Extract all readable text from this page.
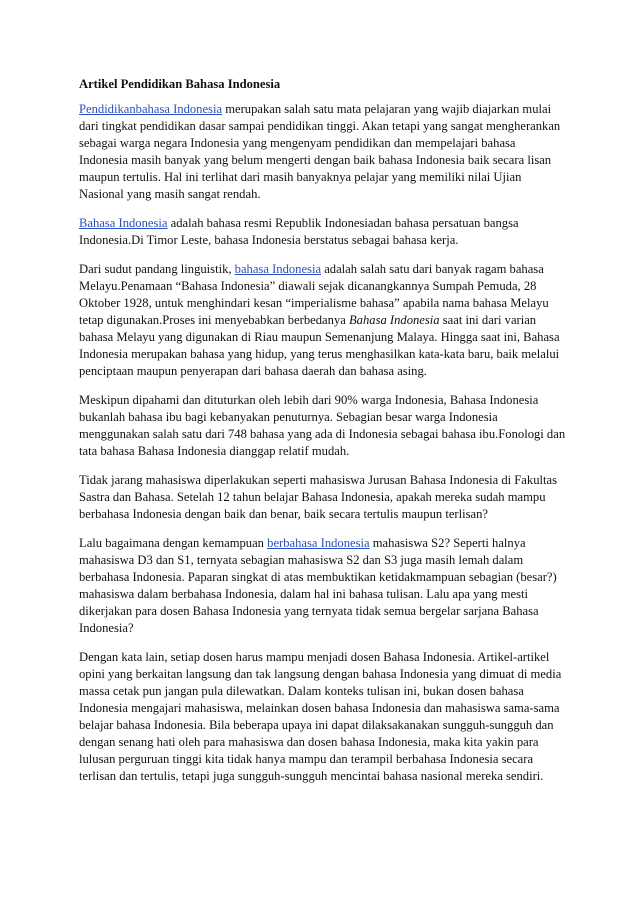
Artikel Pendidikan Bahasa Indonesia

Pendidikanbahasa Indonesia merupakan salah satu mata pelajaran yang wajib diajarkan mulai dari tingkat pendidikan dasar sampai pendidikan tinggi. Akan tetapi yang sangat mengherankan sebagai warga negara Indonesia yang mengenyam pendidikan dan mempelajari bahasa Indonesia masih banyak yang belum mengerti dengan baik bahasa Indonesia baik secara lisan maupun tertulis. Hal ini terlihat dari masih banyaknya pelajar yang memiliki nilai Ujian Nasional yang masih sangat rendah.

Bahasa Indonesia adalah bahasa resmi Republik Indonesiadan bahasa persatuan bangsa Indonesia.Di Timor Leste, bahasa Indonesia berstatus sebagai bahasa kerja.

Dari sudut pandang linguistik, bahasa Indonesia adalah salah satu dari banyak ragam bahasa Melayu.Penamaan “Bahasa Indonesia” diawali sejak dicanangkannya Sumpah Pemuda, 28 Oktober 1928, untuk menghindari kesan “imperialisme bahasa” apabila nama bahasa Melayu tetap digunakan.Proses ini menyebabkan berbedanya Bahasa Indonesia saat ini dari varian bahasa Melayu yang digunakan di Riau maupun Semenanjung Malaya. Hingga saat ini, Bahasa Indonesia merupakan bahasa yang hidup, yang terus menghasilkan kata-kata baru, baik melalui penciptaan maupun penyerapan dari bahasa daerah dan bahasa asing.

Meskipun dipahami dan dituturkan oleh lebih dari 90% warga Indonesia, Bahasa Indonesia bukanlah bahasa ibu bagi kebanyakan penuturnya. Sebagian besar warga Indonesia menggunakan salah satu dari 748 bahasa yang ada di Indonesia sebagai bahasa ibu.Fonologi dan tata bahasa Bahasa Indonesia dianggap relatif mudah.

Tidak jarang mahasiswa diperlakukan seperti mahasiswa Jurusan Bahasa Indonesia di Fakultas Sastra dan Bahasa. Setelah 12 tahun belajar Bahasa Indonesia, apakah mereka sudah mampu berbahasa Indonesia dengan baik dan benar, baik secara tertulis maupun terlisan?

Lalu bagaimana dengan kemampuan berbahasa Indonesia mahasiswa S2? Seperti halnya mahasiswa D3 dan S1, ternyata sebagian mahasiswa S2 dan S3 juga masih lemah dalam berbahasa Indonesia. Paparan singkat di atas membuktikan ketidakmampuan sebagian (besar?) mahasiswa dalam berbahasa Indonesia, dalam hal ini bahasa tulisan. Lalu apa yang mesti dikerjakan para dosen Bahasa Indonesia yang ternyata tidak semua bergelar sarjana Bahasa Indonesia?

Dengan kata lain, setiap dosen harus mampu menjadi dosen Bahasa Indonesia. Artikel-artikel opini yang berkaitan langsung dan tak langsung dengan bahasa Indonesia yang dimuat di media massa cetak pun jangan pula dilewatkan. Dalam konteks tulisan ini, bukan dosen bahasa Indonesia mengajari mahasiswa, melainkan dosen bahasa Indonesia dan mahasiswa sama-sama belajar bahasa Indonesia. Bila beberapa upaya ini dapat dilaksakanakan sungguh-sungguh dan dengan senang hati oleh para mahasiswa dan dosen bahasa Indonesia, maka kita yakin para lulusan perguruan tinggi kita tidak hanya mampu dan terampil berbahasa Indonesia secara terlisan dan tertulis, tetapi juga sungguh-sungguh mencintai bahasa nasional mereka sendiri.
